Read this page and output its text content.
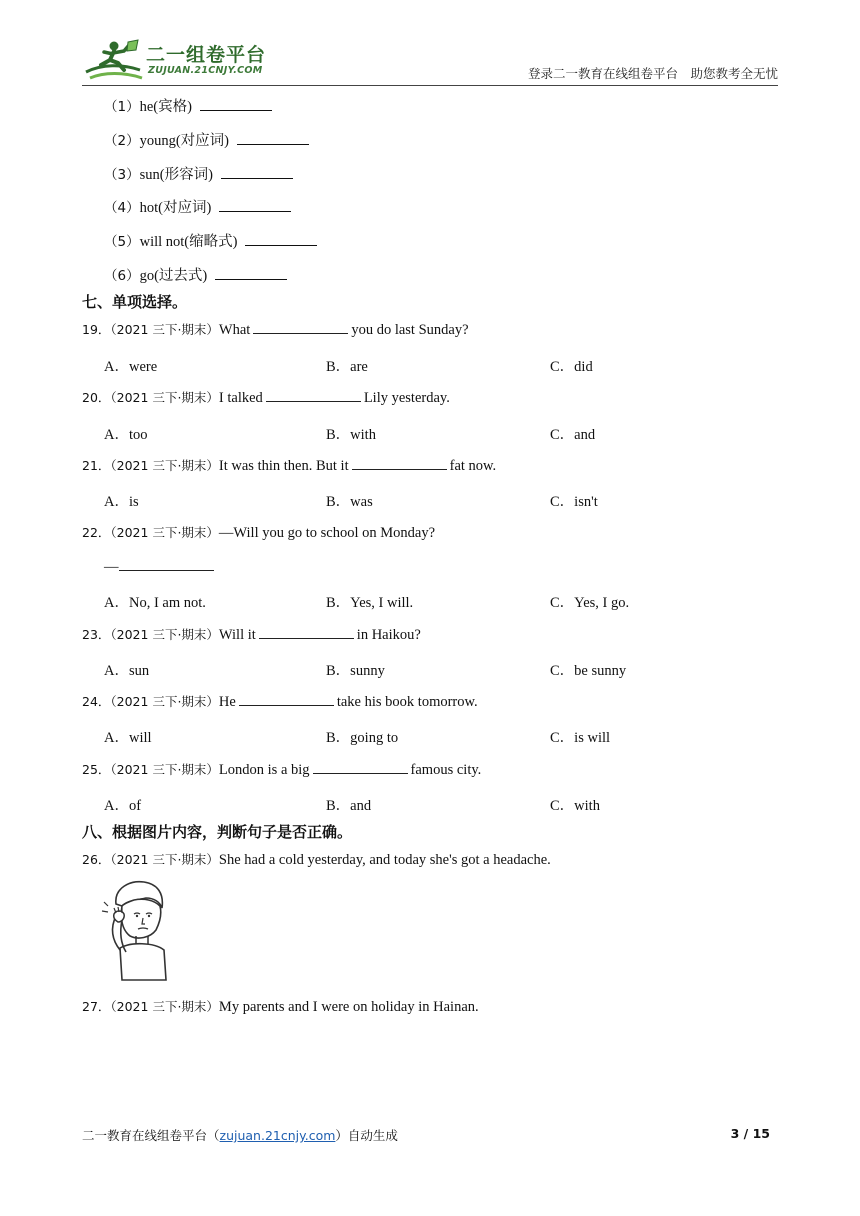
二一组卷平台
ZUJUAN.21CNJY.COM	登录二一教育在线组卷平台　助您教考全无忧
（1）he(宾格)
（2）young(对应词)
（3）sun(形容词)
（4）hot(对应词)
（5）will not(缩略式)
（6）go(过去式)
七、单项选择。
19．（2021 三下·期末）What	you do last Sunday?
A．were	B．are	C．did
20．（2021 三下·期末）I talked	Lily yesterday.
A．too	B．with	C．and
21．（2021 三下·期末）It was thin then. But it	fat now.
A．is	B．was	C．isn't
22．（2021 三下·期末）—Will you go to school on Monday?
—
A．No, I am not.	B．Yes, I will.	C．Yes, I go.
23．（2021 三下·期末）Will it	in Haikou?
A．sun	B．sunny	C．be sunny
24．（2021 三下·期末）He	take his book tomorrow.
A．will	B．going to	C．is will
25．（2021 三下·期末）London is a big	famous city.
A．of	B．and	C．with
八、根据图片内容，判断句子是否正确。
26．（2021 三下·期末）She had a cold yesterday, and today she's got a headache.
27．（2021 三下·期末）My parents and I were on holiday in Hainan.
二一教育在线组卷平台（zujuan.21cnjy.com）自动生成	3 / 15
